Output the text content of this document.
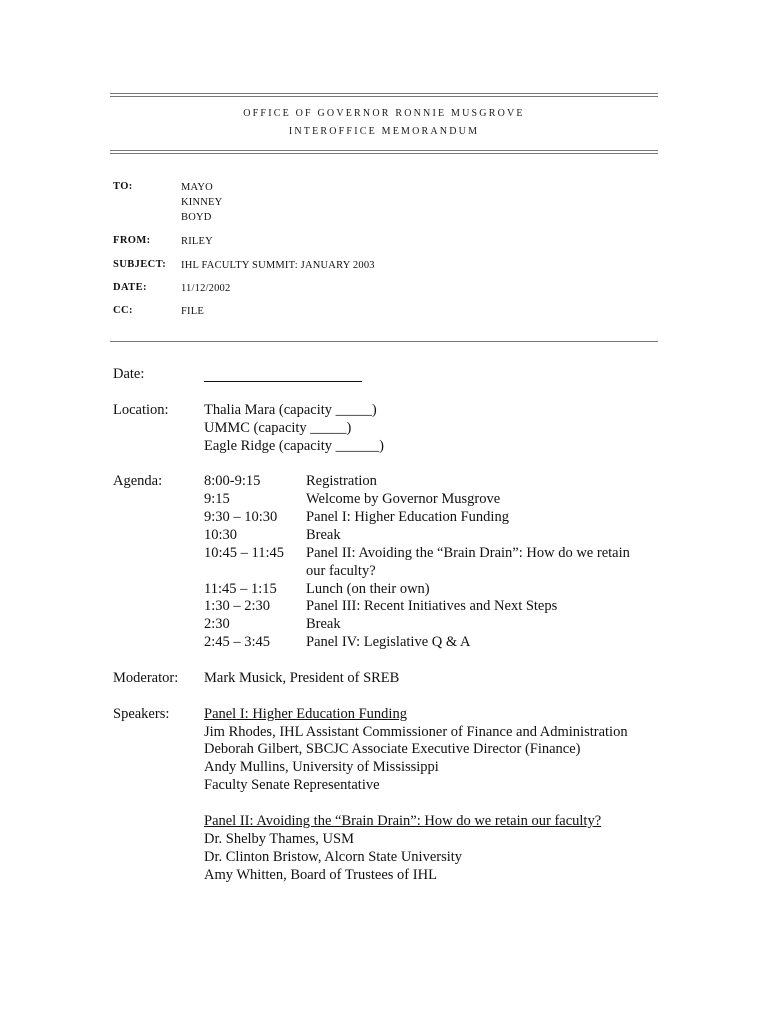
OFFICE OF GOVERNOR RONNIE MUSGROVE
INTEROFFICE MEMORANDUM
TO:	MAYO
KINNEY
BOYD
FROM:	RILEY
SUBJECT: IHL FACULTY SUMMIT: JANUARY 2003
DATE:	11/12/2002
CC:	FILE
Date:
Location: Thalia Mara (capacity _____)
UMMC (capacity _____)
Eagle Ridge (capacity ______)
Agenda:	8:00-9:15	Registration
9:15	Welcome by Governor Musgrove
9:30 – 10:30 Panel I: Higher Education Funding
10:30	Break
10:45 – 11:45 Panel II: Avoiding the “Brain Drain”: How do we retain
our faculty?
11:45 – 1:15 Lunch (on their own)
1:30 – 2:30 Panel III: Recent Initiatives and Next Steps
2:30	Break
2:45 – 3:45 Panel IV: Legislative Q & A
Moderator: Mark Musick, President of SREB
Speakers: Panel I: Higher Education Funding
Jim Rhodes, IHL Assistant Commissioner of Finance and Administration
Deborah Gilbert, SBCJC Associate Executive Director (Finance)
Andy Mullins, University of Mississippi
Faculty Senate Representative
Panel II: Avoiding the “Brain Drain”: How do we retain our faculty?
Dr. Shelby Thames, USM
Dr. Clinton Bristow, Alcorn State University
Amy Whitten, Board of Trustees of IHL
